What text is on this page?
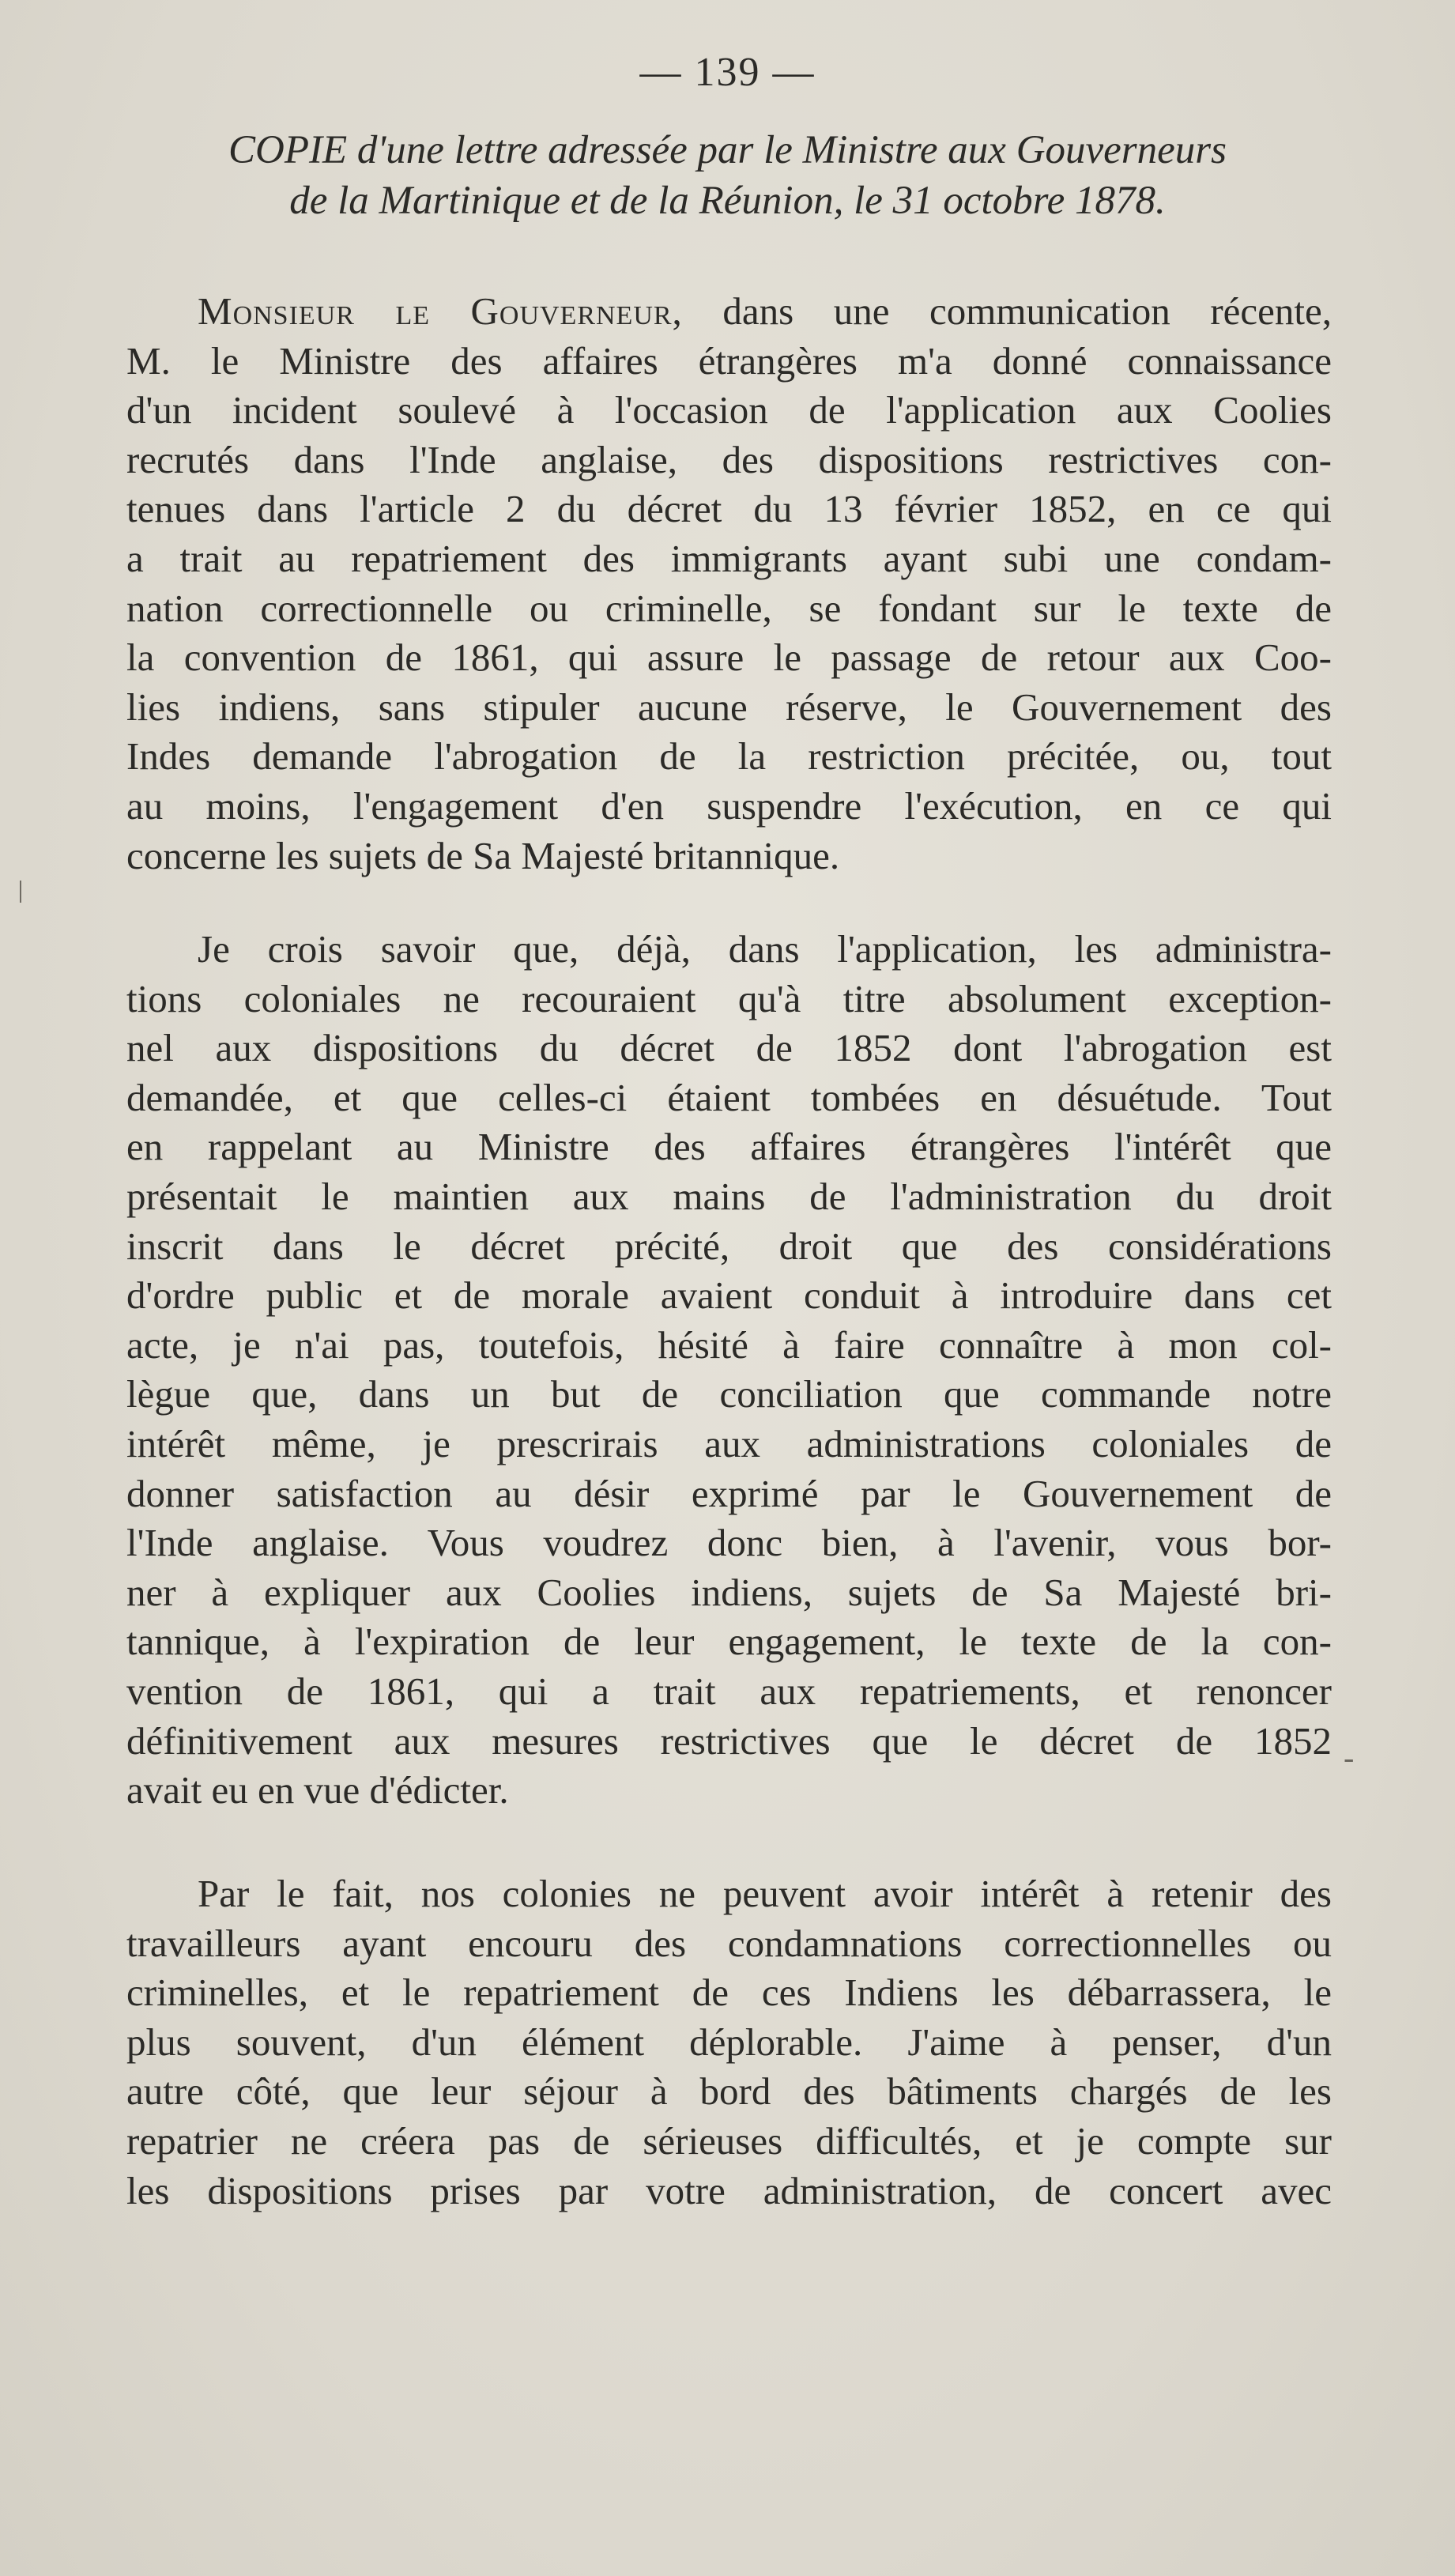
— 139 —
COPIE d'une lettre adressée par le Ministre aux Gouverneurs
de la Martinique et de la Réunion, le 31 octobre 1878.
Monsieur le Gouverneur, dans une communication récente,
M. le Ministre des affaires étrangères m'a donné connaissance
d'un incident soulevé à l'occasion de l'application aux Coolies
recrutés dans l'Inde anglaise, des dispositions restrictives con-
tenues dans l'article 2 du décret du 13 février 1852, en ce qui
a trait au repatriement des immigrants ayant subi une condam-
nation correctionnelle ou criminelle, se fondant sur le texte de
la convention de 1861, qui assure le passage de retour aux Coo-
lies indiens, sans stipuler aucune réserve, le Gouvernement des
Indes demande l'abrogation de la restriction précitée, ou, tout
au moins, l'engagement d'en suspendre l'exécution, en ce qui
concerne les sujets de Sa Majesté britannique.
Je crois savoir que, déjà, dans l'application, les administra-
tions coloniales ne recouraient qu'à titre absolument exception-
nel aux dispositions du décret de 1852 dont l'abrogation est
demandée, et que celles-ci étaient tombées en désuétude. Tout
en rappelant au Ministre des affaires étrangères l'intérêt que
présentait le maintien aux mains de l'administration du droit
inscrit dans le décret précité, droit que des considérations
d'ordre public et de morale avaient conduit à introduire dans cet
acte, je n'ai pas, toutefois, hésité à faire connaître à mon col-
lègue que, dans un but de conciliation que commande notre
intérêt même, je prescrirais aux administrations coloniales de
donner satisfaction au désir exprimé par le Gouvernement de
l'Inde anglaise. Vous voudrez donc bien, à l'avenir, vous bor-
ner à expliquer aux Coolies indiens, sujets de Sa Majesté bri-
tannique, à l'expiration de leur engagement, le texte de la con-
vention de 1861, qui a trait aux repatriements, et renoncer
définitivement aux mesures restrictives que le décret de 1852
avait eu en vue d'édicter.
Par le fait, nos colonies ne peuvent avoir intérêt à retenir des
travailleurs ayant encouru des condamnations correctionnelles ou
criminelles, et le repatriement de ces Indiens les débarrassera, le
plus souvent, d'un élément déplorable. J'aime à penser, d'un
autre côté, que leur séjour à bord des bâtiments chargés de les
repatrier ne créera pas de sérieuses difficultés, et je compte sur
les dispositions prises par votre administration, de concert avec
ǀ
-
